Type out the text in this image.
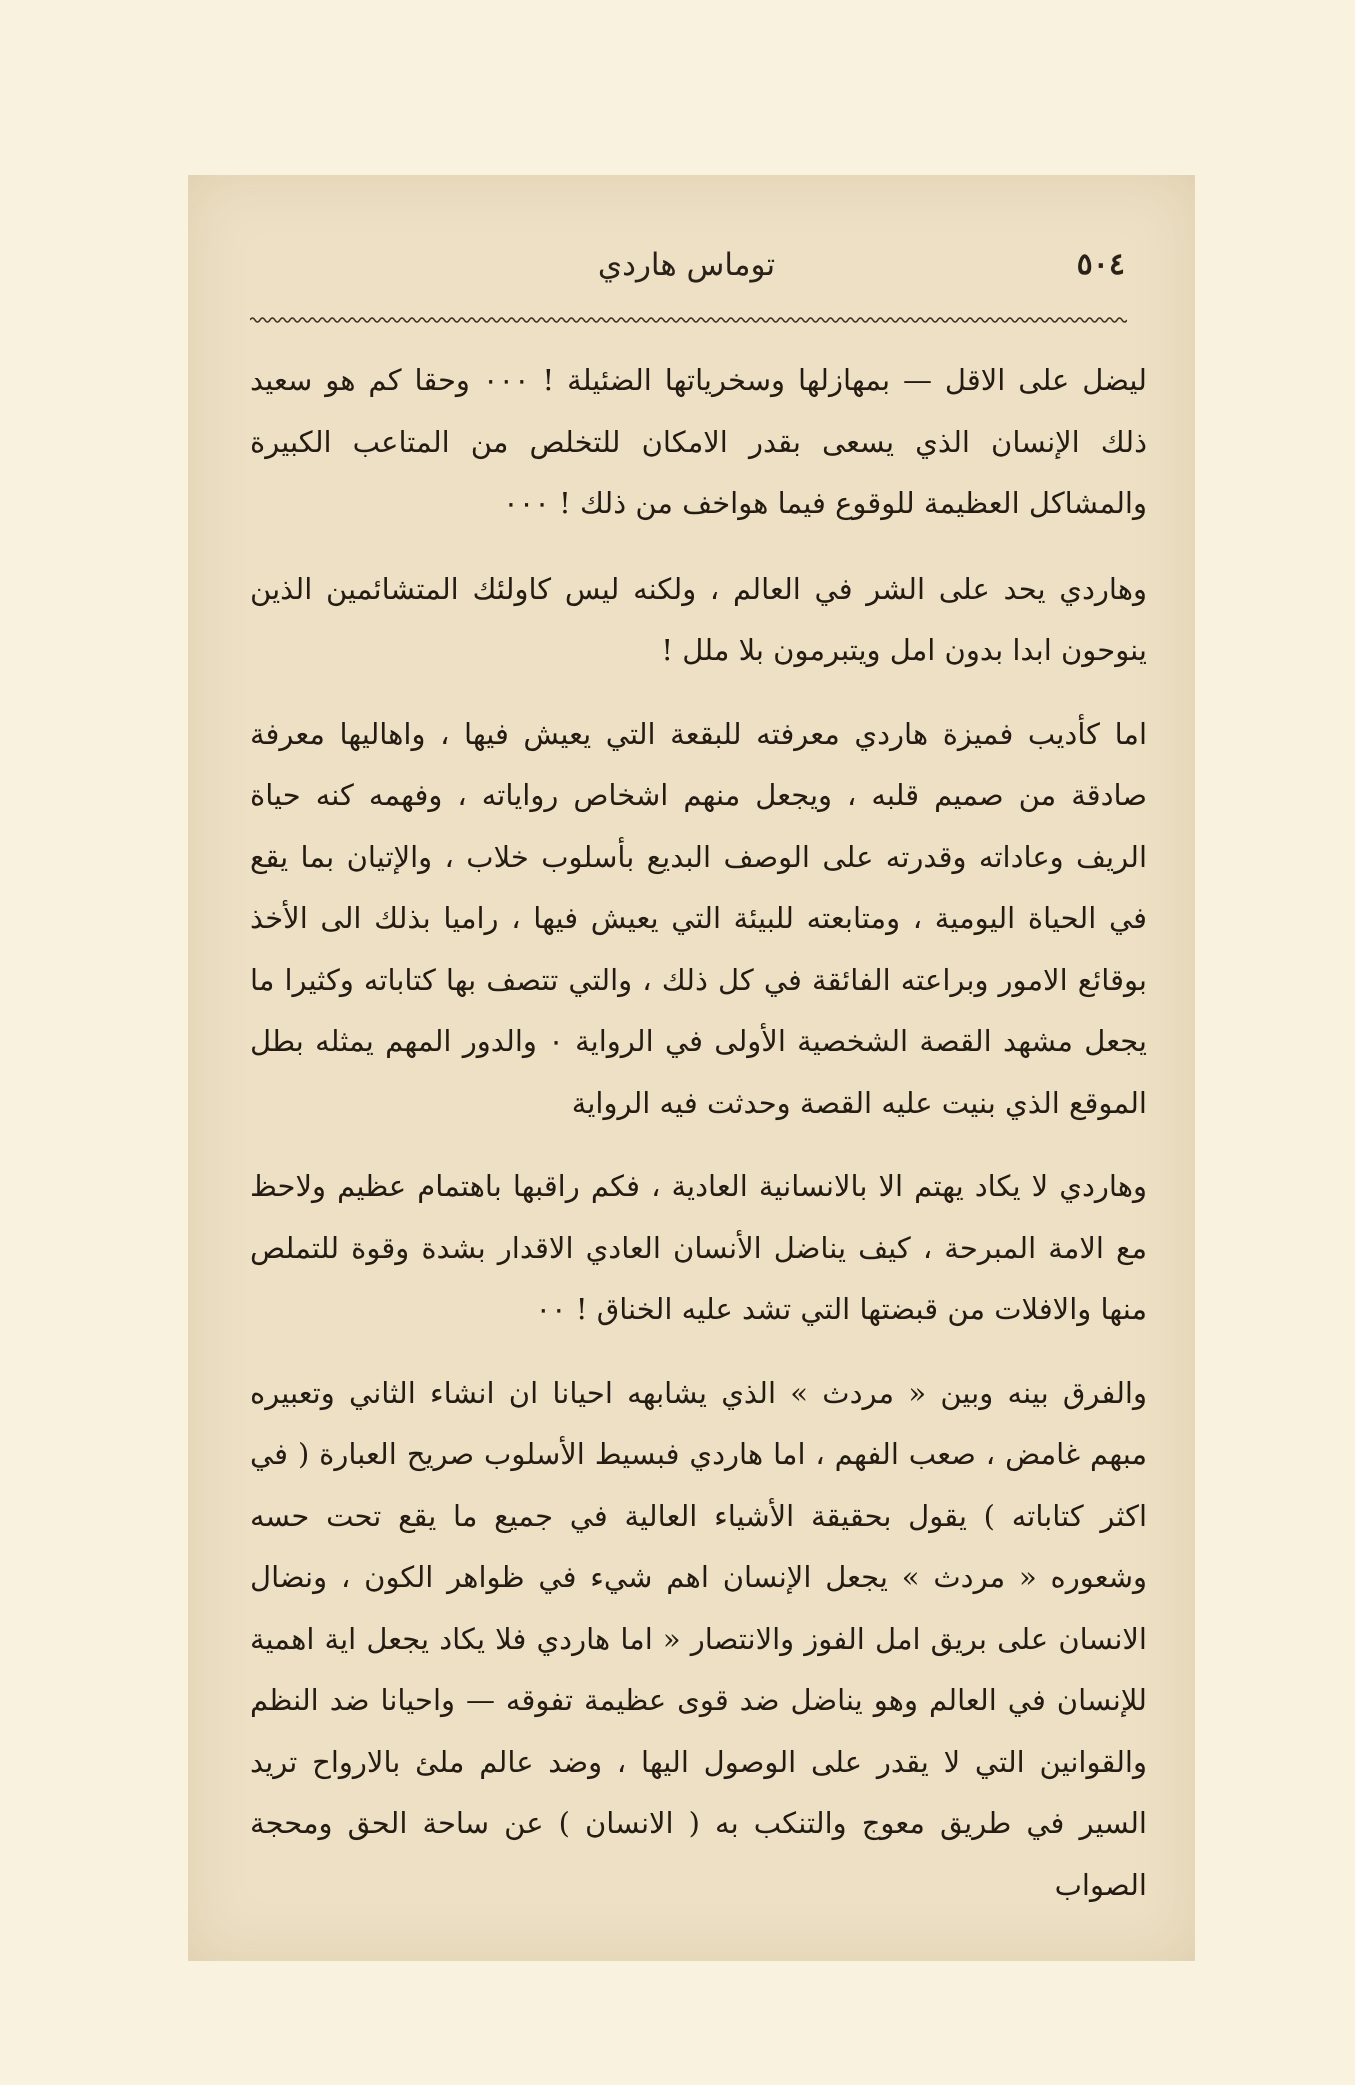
٥٠٤
توماس هاردي

ليضل على الاقل — بمهازلها وسخرياتها الضئيلة ! ٠٠٠ وحقا كم هو سعيد ذلك الإنسان الذي يسعى بقدر الامكان للتخلص من المتاعب الكبيرة والمشاكل العظيمة للوقوع فيما هواخف من ذلك ! ٠٠٠

وهاردي يحد على الشر في العالم ، ولكنه ليس كاولئك المتشائمين الذين ينوحون ابدا بدون امل ويتبرمون بلا ملل !

اما كأديب فميزة هاردي معرفته للبقعة التي يعيش فيها ، واهاليها معرفة صادقة من صميم قلبه ، ويجعل منهم اشخاص رواياته ، وفهمه كنه حياة الريف وعاداته وقدرته على الوصف البديع بأسلوب خلاب ، والإتيان بما يقع في الحياة اليومية ، ومتابعته للبيئة التي يعيش فيها ، راميا بذلك الى الأخذ بوقائع الامور وبراعته الفائقة في كل ذلك ، والتي تتصف بها كتاباته وكثيرا ما يجعل مشهد القصة الشخصية الأولى في الرواية ٠ والدور المهم يمثله بطل الموقع الذي بنيت عليه القصة وحدثت فيه الرواية

وهاردي لا يكاد يهتم الا بالانسانية العادية ، فكم راقبها باهتمام عظيم ولاحظ مع الامة المبرحة ، كيف يناضل الأنسان العادي الاقدار بشدة وقوة للتملص منها والافلات من قبضتها التي تشد عليه الخناق ! ٠٠

والفرق بينه وبين « مردث » الذي يشابهه احيانا ان انشاء الثاني وتعبيره مبهم غامض ، صعب الفهم ، اما هاردي فبسيط الأسلوب صريح العبارة ( في اكثر كتاباته ) يقول بحقيقة الأشياء العالية في جميع ما يقع تحت حسه وشعوره « مردث » يجعل الإنسان اهم شيء في ظواهر الكون ، ونضال الانسان على بريق امل الفوز والانتصار « اما هاردي فلا يكاد يجعل اية اهمية للإنسان في العالم وهو يناضل ضد قوى عظيمة تفوقه — واحيانا ضد النظم والقوانين التي لا يقدر على الوصول اليها ، وضد عالم ملئ بالارواح تريد السير في طريق معوج والتنكب به ( الانسان ) عن ساحة الحق ومحجة الصواب
